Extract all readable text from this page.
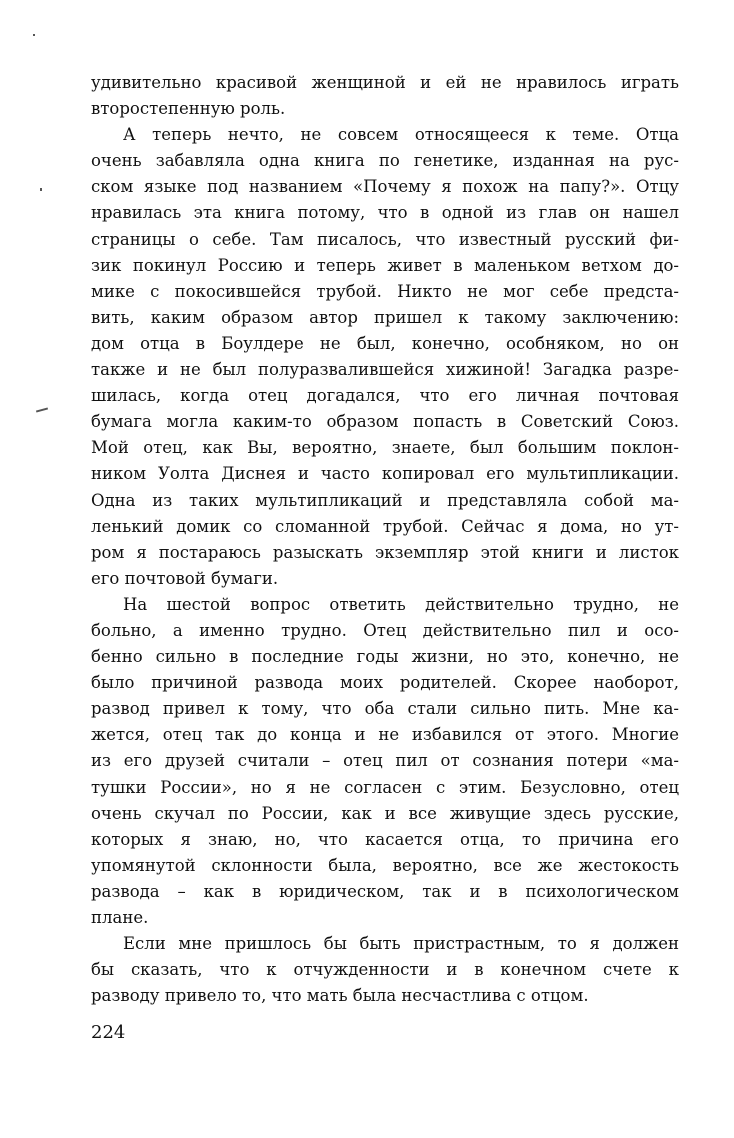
удивительно красивой женщиной и ей не нравилось играть
второстепенную роль.
А теперь нечто, не совсем относящееся к теме. Отца
очень забавляла одна книга по генетике, изданная на рус-
ском языке под названием «Почему я похож на папу?». Отцу
нравилась эта книга потому, что в одной из глав он нашел
страницы о себе. Там писалось, что известный русский фи-
зик покинул Россию и теперь живет в маленьком ветхом до-
мике с покосившейся трубой. Никто не мог себе предста-
вить, каким образом автор пришел к такому заключению:
дом отца в Боулдере не был, конечно, особняком, но он
также и не был полуразвалившейся хижиной! Загадка разре-
шилась, когда отец догадался, что его личная почтовая
бумага могла каким-то образом попасть в Советский Союз.
Мой отец, как Вы, вероятно, знаете, был большим поклон-
ником Уолта Диснея и часто копировал его мультипликации.
Одна из таких мультипликаций и представляла собой ма-
ленький домик со сломанной трубой. Сейчас я дома, но ут-
ром я постараюсь разыскать экземпляр этой книги и листок
его почтовой бумаги.
На шестой вопрос ответить действительно трудно, не
больно, а именно трудно. Отец действительно пил и осо-
бенно сильно в последние годы жизни, но это, конечно, не
было причиной развода моих родителей. Скорее наоборот,
развод привел к тому, что оба стали сильно пить. Мне ка-
жется, отец так до конца и не избавился от этого. Многие
из его друзей считали – отец пил от сознания потери «ма-
тушки России», но я не согласен с этим. Безусловно, отец
очень скучал по России, как и все живущие здесь русские,
которых я знаю, но, что касается отца, то причина его
упомянутой склонности была, вероятно, все же жестокость
развода – как в юридическом, так и в психологическом
плане.
Если мне пришлось бы быть пристрастным, то я должен
бы сказать, что к отчужденности и в конечном счете к
разводу привело то, что мать была несчастлива с отцом.
224
